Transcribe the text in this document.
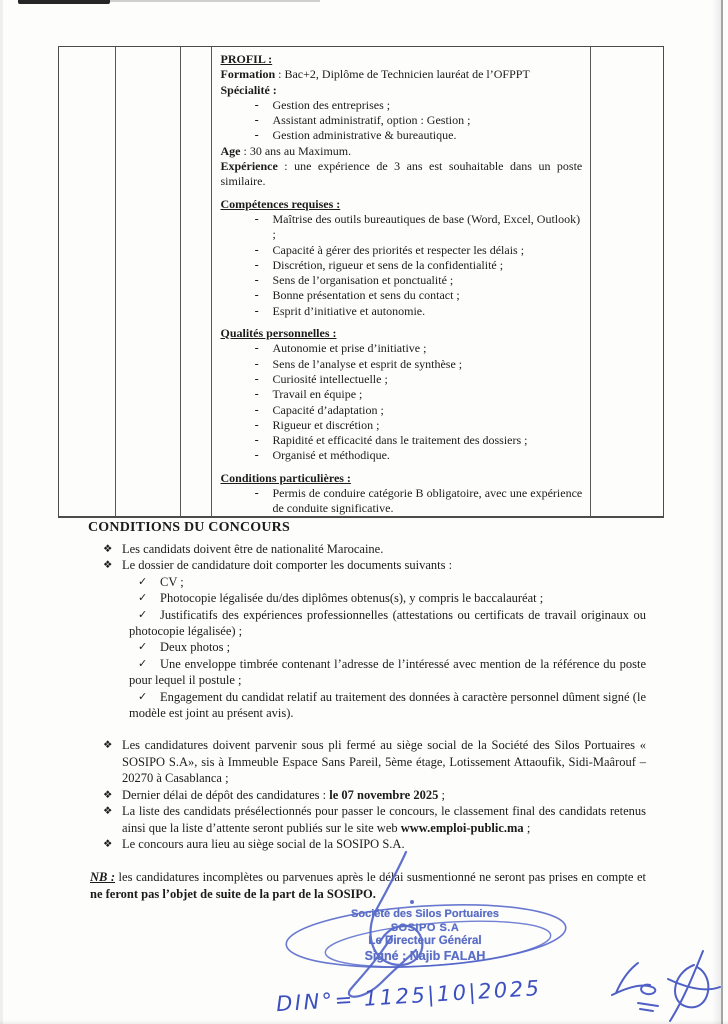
PROFIL :

Formation : Bac+2, Diplôme de Technicien lauréat de l’OFPPT

Spécialité :

- Gestion des entreprises ;
- Assistant administratif, option : Gestion ;
- Gestion administrative & bureautique.

Age : 30 ans au Maximum.

Expérience : une expérience de 3 ans est souhaitable dans un poste similaire.

Compétences requises :

- Maîtrise des outils bureautiques de base (Word, Excel, Outlook) ;
- Capacité à gérer des priorités et respecter les délais ;
- Discrétion, rigueur et sens de la confidentialité ;
- Sens de l’organisation et ponctualité ;
- Bonne présentation et sens du contact ;
- Esprit d’initiative et autonomie.

Qualités personnelles :

- Autonomie et prise d’initiative ;
- Sens de l’analyse et esprit de synthèse ;
- Curiosité intellectuelle ;
- Travail en équipe ;
- Capacité d’adaptation ;
- Rigueur et discrétion ;
- Rapidité et efficacité dans le traitement des dossiers ;
- Organisé et méthodique.

Conditions particulières :

- Permis de conduire catégorie B obligatoire, avec une expérience de conduite significative.
CONDITIONS DU CONCOURS
❖ Les candidats doivent être de nationalité Marocaine.
❖ Le dossier de candidature doit comporter les documents suivants :
✓ CV ;
✓ Photocopie légalisée du/des diplômes obtenus(s), y compris le baccalauréat ;
✓ Justificatifs des expériences professionnelles (attestations ou certificats de travail originaux ou photocopie légalisée) ;
✓ Deux photos ;
✓ Une enveloppe timbrée contenant l’adresse de l’intéressé avec mention de la référence du poste pour lequel il postule ;
✓ Engagement du candidat relatif au traitement des données à caractère personnel dûment signé (le modèle est joint au présent avis).
❖ Les candidatures doivent parvenir sous pli fermé au siège social de la Société des Silos Portuaires « SOSIPO S.A», sis à Immeuble Espace Sans Pareil, 5ème étage, Lotissement Attaoufik, Sidi-Maârouf – 20270 à Casablanca ;
❖ Dernier délai de dépôt des candidatures : le 07 novembre 2025 ;
❖ La liste des candidats présélectionnés pour passer le concours, le classement final des candidats retenus ainsi que la liste d’attente seront publiés sur le site web www.emploi-public.ma ;
❖ Le concours aura lieu au siège social de la SOSIPO S.A.

NB : les candidatures incomplètes ou parvenues après le délai susmentionné ne seront pas prises en compte et ne feront pas l’objet de suite de la part de la SOSIPO.

Société des Silos Portuaires
SOSIPO S.A
Le Directeur Général
Signé : Najib FALAH
DIN°= 1125|10|2025
